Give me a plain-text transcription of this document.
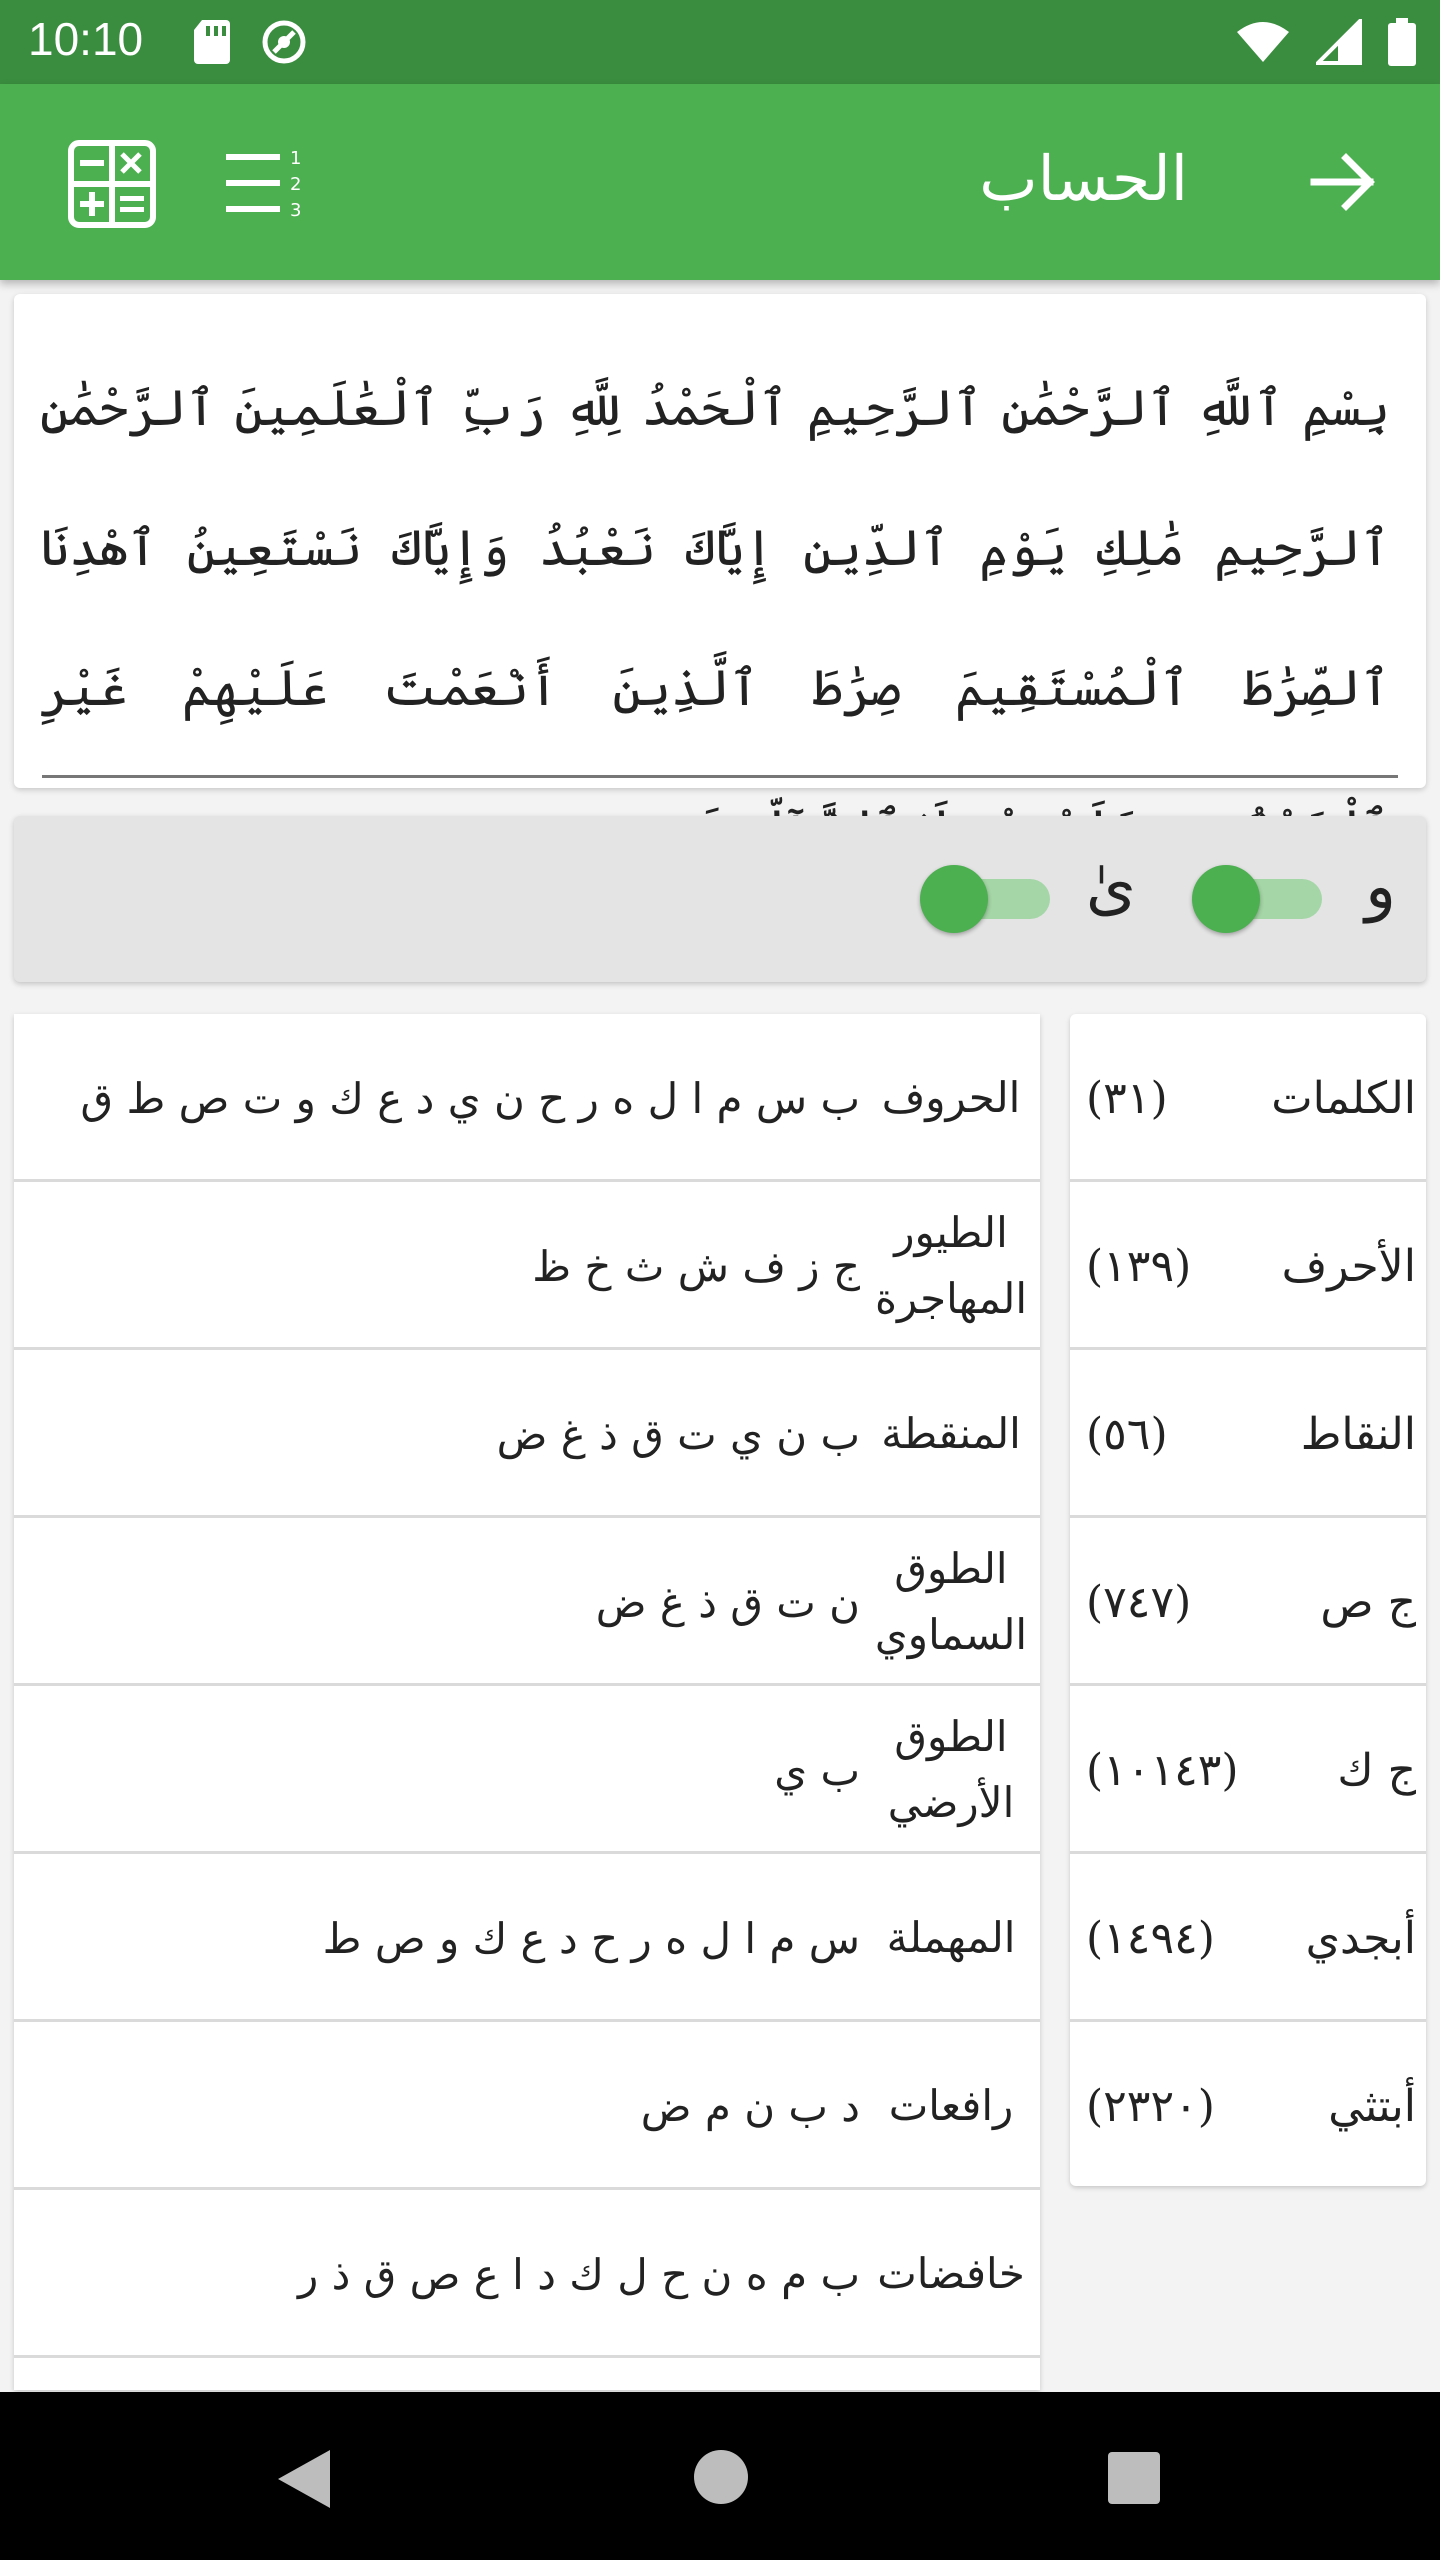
10:10
1
2
3	الحساب
بِسْمِ ٱللَّهِ ٱلرَّحْمَٰنِ ٱلرَّحِيمِ ٱلْحَمْدُ لِلَّهِ رَبِّ ٱلْعَٰلَمِينَ ٱلرَّحْمَٰنِ ٱلرَّحِيمِ مَٰلِكِ يَوْمِ ٱلدِّينِ إِيَّاكَ نَعْبُدُ وَإِيَّاكَ نَسْتَعِينُ ٱهْدِنَا ٱلصِّرَٰطَ ٱلْمُسْتَقِيمَ صِرَٰطَ ٱلَّذِينَ أَنْعَمْتَ عَلَيْهِمْ غَيْرِ
و
ىٰ
الحروف
ب س م ا ل ه ر ح ن ي د ع ك و ت ص ط ق
الطيور المهاجرة
ج ز ف ش ث خ ظ
المنقطة
ب ن ي ت ق ذ غ ض
الطوق السماوي
ن ت ق ذ غ ض
الطوق الأرضي
ب ي
المهملة
س م ا ل ه ر ح د ع ك و ص ط
رافعات
د ب ن م ض
خافضات
ب م ه ن ح ل ك د ا ع ص ق ذ ر
الكلمات
(٣١)
الأحرف
(١٣٩)
النقاط
(٥٦)
ج ص
(٧٤٧)
ج ك
(١٠١٤٣)
أبجدي
(١٤٩٤)
أبتثي
(٢٣٢٠)
